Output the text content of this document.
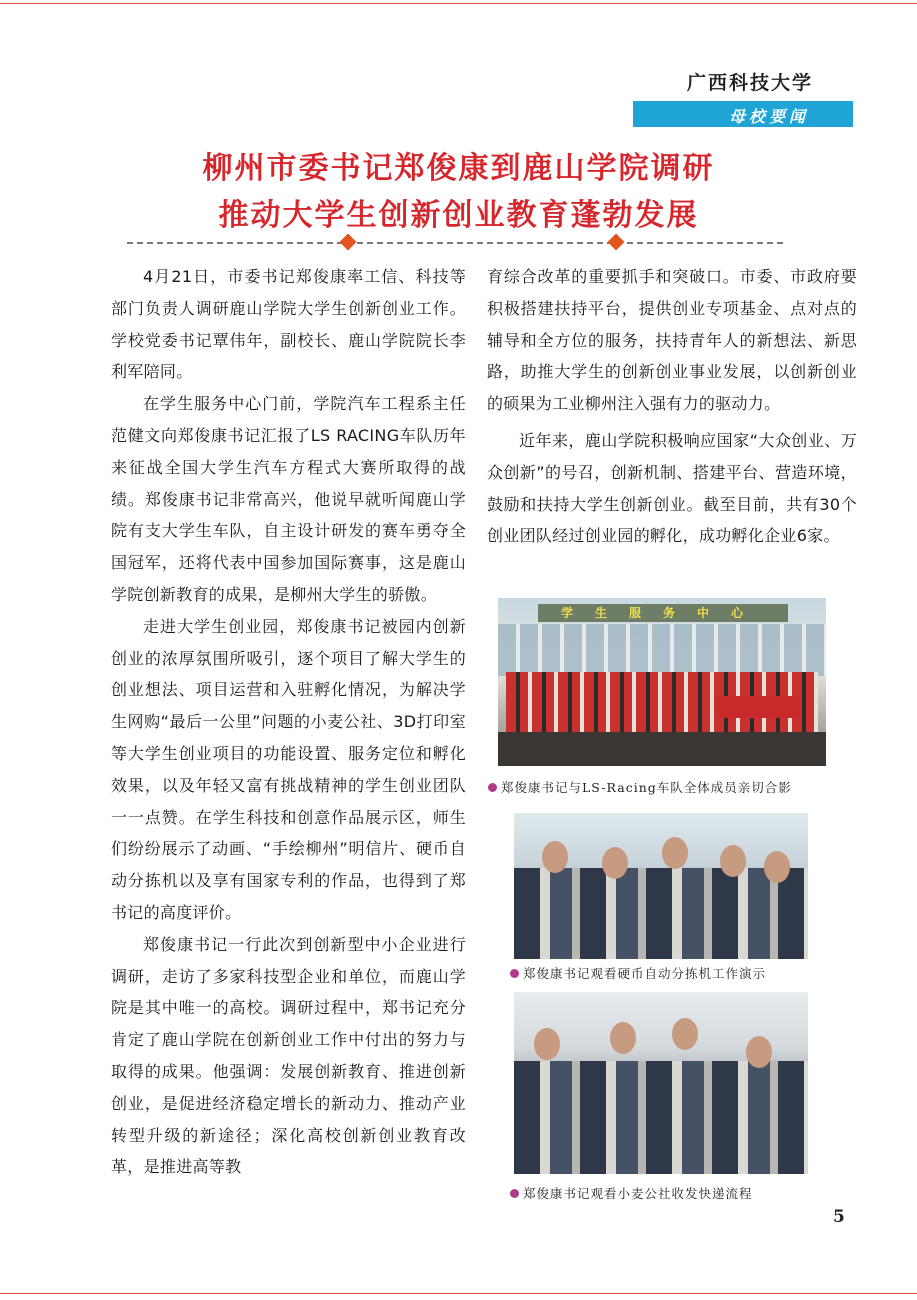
广西科技大学
母校要闻
柳州市委书记郑俊康到鹿山学院调研
推动大学生创新创业教育蓬勃发展

4月21日，市委书记郑俊康率工信、科技等部门负责人调研鹿山学院大学生创新创业工作。学校党委书记覃伟年，副校长、鹿山学院院长李利军陪同。

在学生服务中心门前，学院汽车工程系主任范健文向郑俊康书记汇报了LS RACING车队历年来征战全国大学生汽车方程式大赛所取得的战绩。郑俊康书记非常高兴，他说早就听闻鹿山学院有支大学生车队，自主设计研发的赛车勇夺全国冠军，还将代表中国参加国际赛事，这是鹿山学院创新教育的成果，是柳州大学生的骄傲。

走进大学生创业园，郑俊康书记被园内创新创业的浓厚氛围所吸引，逐个项目了解大学生的创业想法、项目运营和入驻孵化情况，为解决学生网购“最后一公里”问题的小麦公社、3D打印室等大学生创业项目的功能设置、服务定位和孵化效果，以及年轻又富有挑战精神的学生创业团队一一点赞。在学生科技和创意作品展示区，师生们纷纷展示了动画、“手绘柳州”明信片、硬币自动分拣机以及享有国家专利的作品，也得到了郑书记的高度评价。

郑俊康书记一行此次到创新型中小企业进行调研，走访了多家科技型企业和单位，而鹿山学院是其中唯一的高校。调研过程中，郑书记充分肯定了鹿山学院在创新创业工作中付出的努力与取得的成果。他强调：发展创新教育、推进创新创业，是促进经济稳定增长的新动力、推动产业转型升级的新途径；深化高校创新创业教育改革，是推进高等教

育综合改革的重要抓手和突破口。市委、市政府要积极搭建扶持平台，提供创业专项基金、点对点的辅导和全方位的服务，扶持青年人的新想法、新思路，助推大学生的创新创业事业发展，以创新创业的硕果为工业柳州注入强有力的驱动力。

近年来，鹿山学院积极响应国家“大众创业、万众创新”的号召，创新机制、搭建平台、营造环境，鼓励和扶持大学生创新创业。截至目前，共有30个创业团队经过创业园的孵化，成功孵化企业6家。

学生服务中心
郑俊康书记与LS-Racing车队全体成员亲切合影
郑俊康书记观看硬币自动分拣机工作演示
郑俊康书记观看小麦公社收发快递流程
5
